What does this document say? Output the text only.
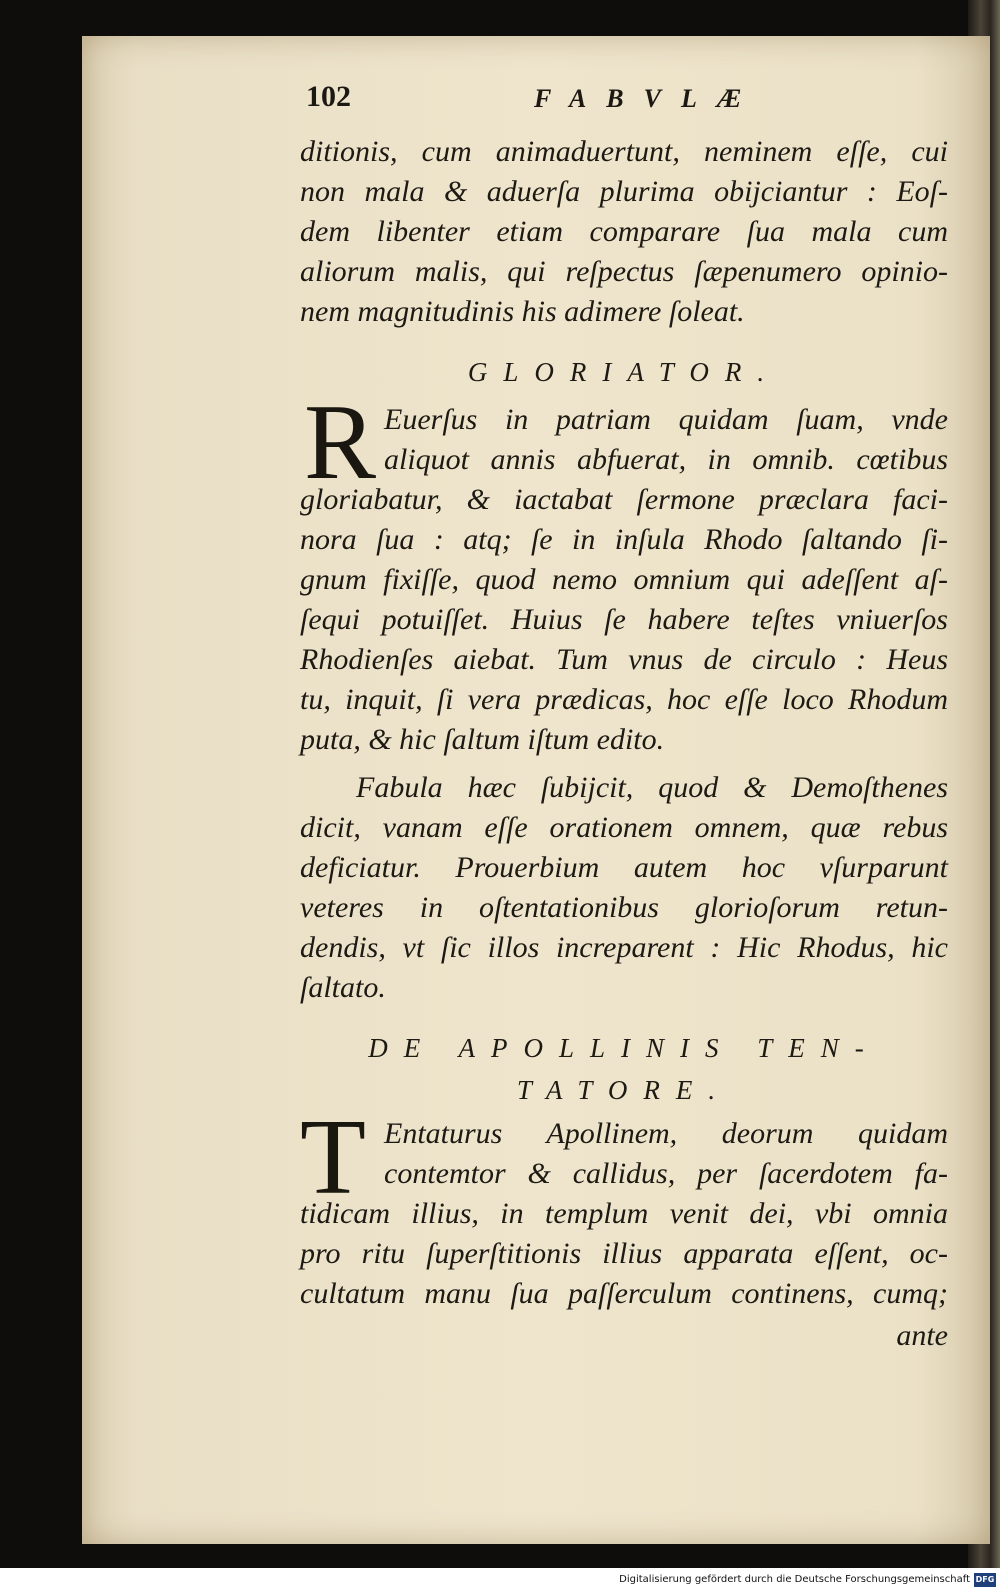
102	FABVLÆ
ditionis, cum animaduertunt, neminem eſſe, cui
non mala & aduerſa plurima obijciantur : Eoſ-
dem libenter etiam comparare ſua mala cum
aliorum malis, qui reſpectus ſæpenumero opinio-
nem magnitudinis his adimere ſoleat.
GLORIATOR.
R Euerſus in patriam quidam ſuam, vnde
aliquot annis abfuerat, in omnib. cœtibus
gloriabatur, & iactabat ſermone præclara faci-
nora ſua : atq; ſe in inſula Rhodo ſaltando ſi-
gnum fixiſſe, quod nemo omnium qui adeſſent aſ-
ſequi potuiſſet. Huius ſe habere teſtes vniuerſos
Rhodienſes aiebat. Tum vnus de circulo : Heus
tu, inquit, ſi vera prædicas, hoc eſſe loco Rhodum
puta, & hic ſaltum iſtum edito.
Fabula hæc ſubijcit, quod & Demoſthenes
dicit, vanam eſſe orationem omnem, quæ rebus
deficiatur. Prouerbium autem hoc vſurparunt
veteres in oſtentationibus glorioſorum retun-
dendis, vt ſic illos increparent : Hic Rhodus, hic
ſaltato.
DE APOLLINIS TEN-
TATORE.
T Entaturus Apollinem, deorum quidam
contemtor & callidus, per ſacerdotem fa-
tidicam illius, in templum venit dei, vbi omnia
pro ritu ſuperſtitionis illius apparata eſſent, oc-
cultatum manu ſua paſſerculum continens, cumq;
ante
Digitalisierung gefördert durch die Deutsche Forschungsgemeinschaft DFG
